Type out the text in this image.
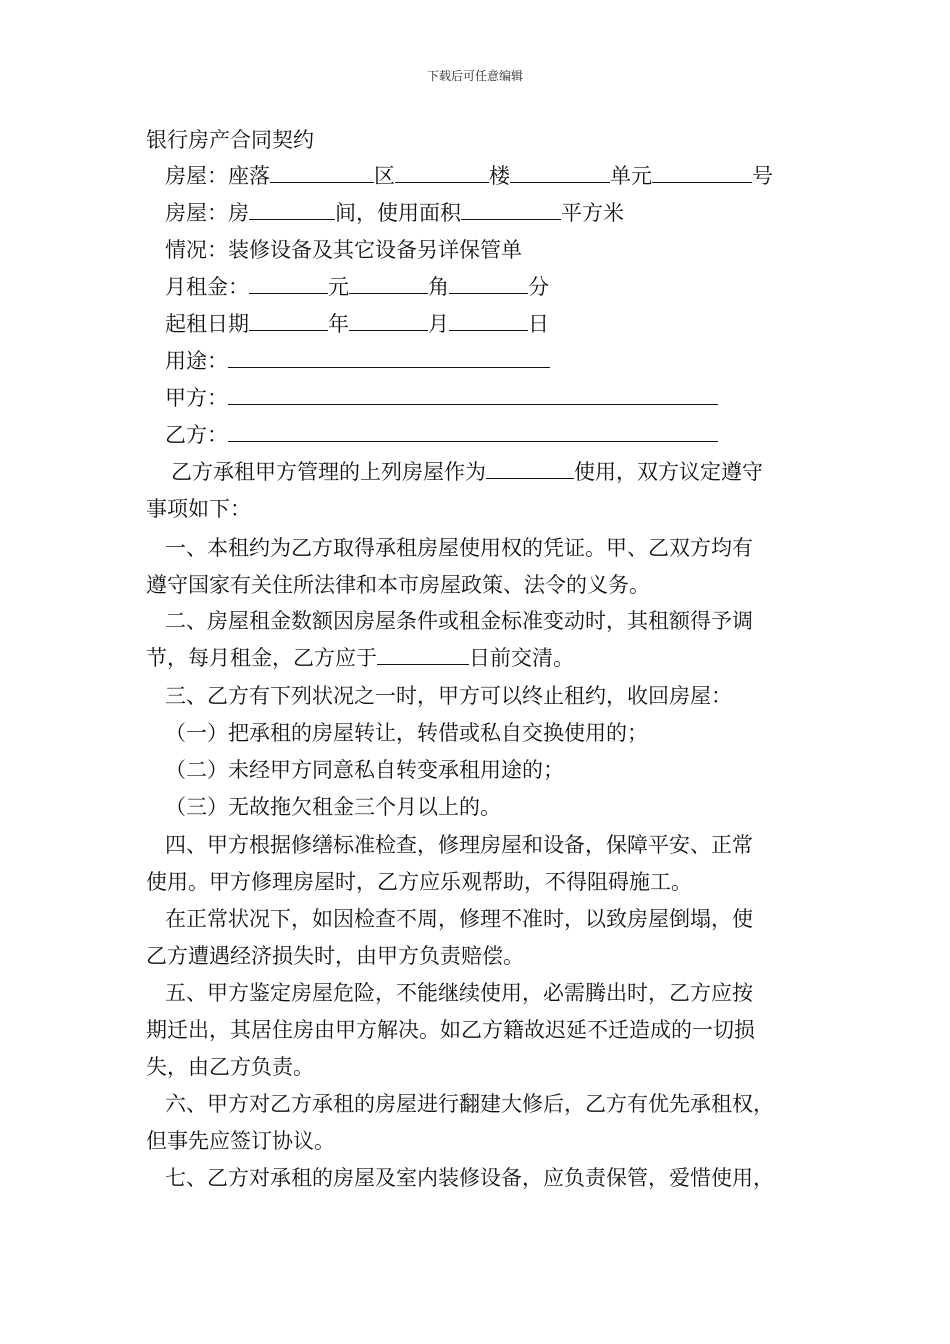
下载后可任意编辑
银行房产合同契约
房屋：座落	区	楼	单元	号
房屋：房	间，使用面积	平方米
情况：装修设备及其它设备另详保管单
月租金：	元	角	分
起租日期	年	月	日
用途：
甲方：
乙方：
乙方承租甲方管理的上列房屋作为	使用，双方议定遵守
事项如下：
一、本租约为乙方取得承租房屋使用权的凭证。甲、乙双方均有
遵守国家有关住所法律和本市房屋政策、法令的义务。
二、房屋租金数额因房屋条件或租金标准变动时，其租额得予调
节，每月租金，乙方应于	日前交清。
三、乙方有下列状况之一时，甲方可以终止租约，收回房屋：
（一）把承租的房屋转让，转借或私自交换使用的；
（二）未经甲方同意私自转变承租用途的；
（三）无故拖欠租金三个月以上的。
四、甲方根据修缮标准检查，修理房屋和设备，保障平安、正常
使用。甲方修理房屋时，乙方应乐观帮助，不得阻碍施工。
在正常状况下，如因检查不周，修理不准时，以致房屋倒塌，使
乙方遭遇经济损失时，由甲方负责赔偿。
五、甲方鉴定房屋危险，不能继续使用，必需腾出时，乙方应按
期迁出，其居住房由甲方解决。如乙方籍故迟延不迁造成的一切损
失，由乙方负责。
六、甲方对乙方承租的房屋进行翻建大修后，乙方有优先承租权，
但事先应签订协议。
七、乙方对承租的房屋及室内装修设备，应负责保管，爱惜使用，
